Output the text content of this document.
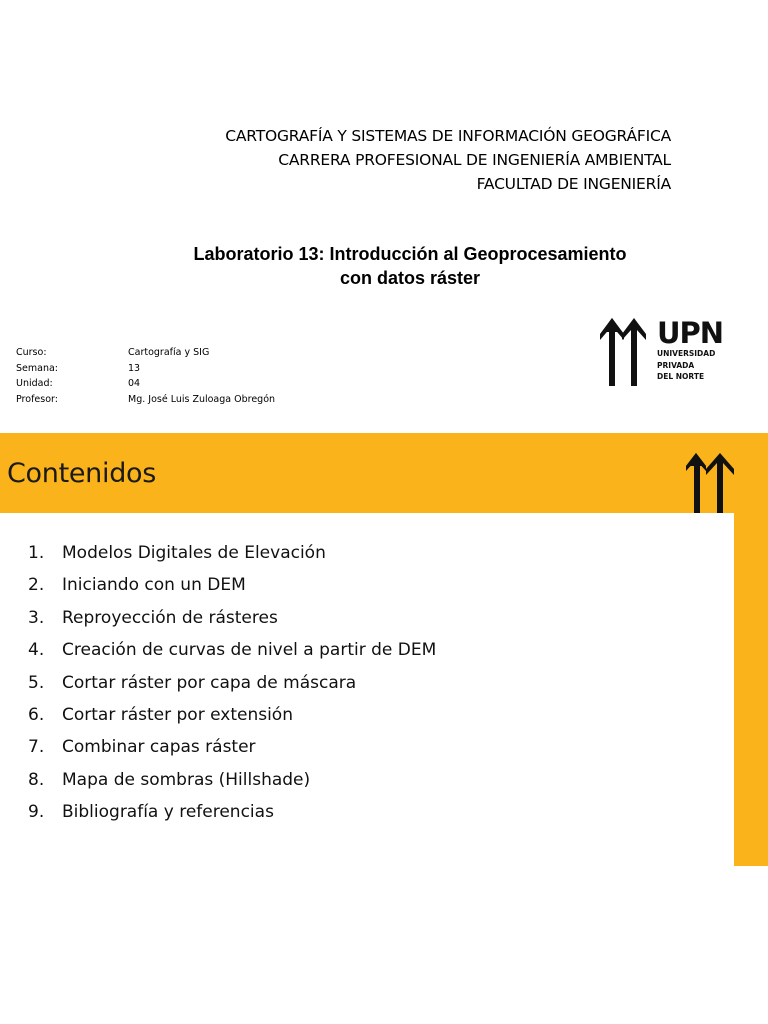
CARTOGRAFÍA Y SISTEMAS DE INFORMACIÓN GEOGRÁFICA
CARRERA PROFESIONAL DE INGENIERÍA AMBIENTAL
FACULTAD DE INGENIERÍA
Laboratorio 13: Introducción al Geoprocesamiento
con datos ráster
Curso:	Cartografía y SIG
Semana:	13
Unidad:	04
Profesor:	Mg. José Luis Zuloaga Obregón
UPN
UNIVERSIDAD
PRIVADA
DEL NORTE
Contenidos
1.	Modelos Digitales de Elevación
2.	Iniciando con un DEM
3.	Reproyección de rásteres
4.	Creación de curvas de nivel a partir de DEM
5.	Cortar ráster por capa de máscara
6.	Cortar ráster por extensión
7.	Combinar capas ráster
8.	Mapa de sombras (Hillshade)
9.	Bibliografía y referencias
